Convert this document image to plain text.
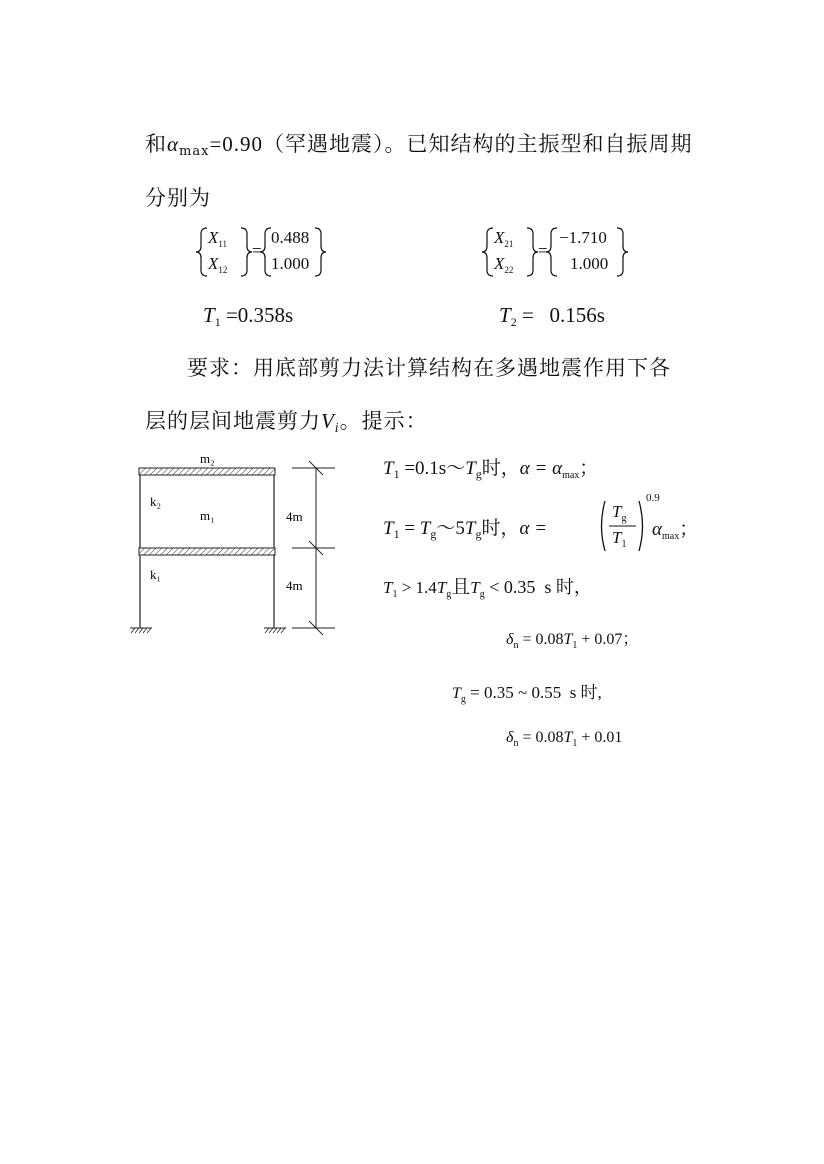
和αmax=0.90（罕遇地震）。已知结构的主振型和自振周期
分别为
$X_{11}$
$X_{12}$
=
0.488
1.000
$X_{21}$
$X_{22}$
=
−1.710
1.000
$T_1 =0.358s$	$T_2 = 0.156s$
要求：用底部剪力法计算结构在多遇地震作用下各
层的层间地震剪力$V_i$。提示：
m₂
m₁
k₂
k₁
4m
4m
$T_1$ $=0.1s\sim T_g$时，$\alpha = \alpha_{max}$；
$T_1$ = $T_g\sim 5T_g$时，α =
$T_g$
$T_1$
0.9
$\alpha_{max}$；
$T_1 > 1.4T_g$且$T_g < 0.35$  s 时，
$\delta_n = 0.08T_1 + 0.07$；
$T_g = 0.35$ ~ 0.55  s 时,
$\delta_n = 0.08T_1 + 0.01$
